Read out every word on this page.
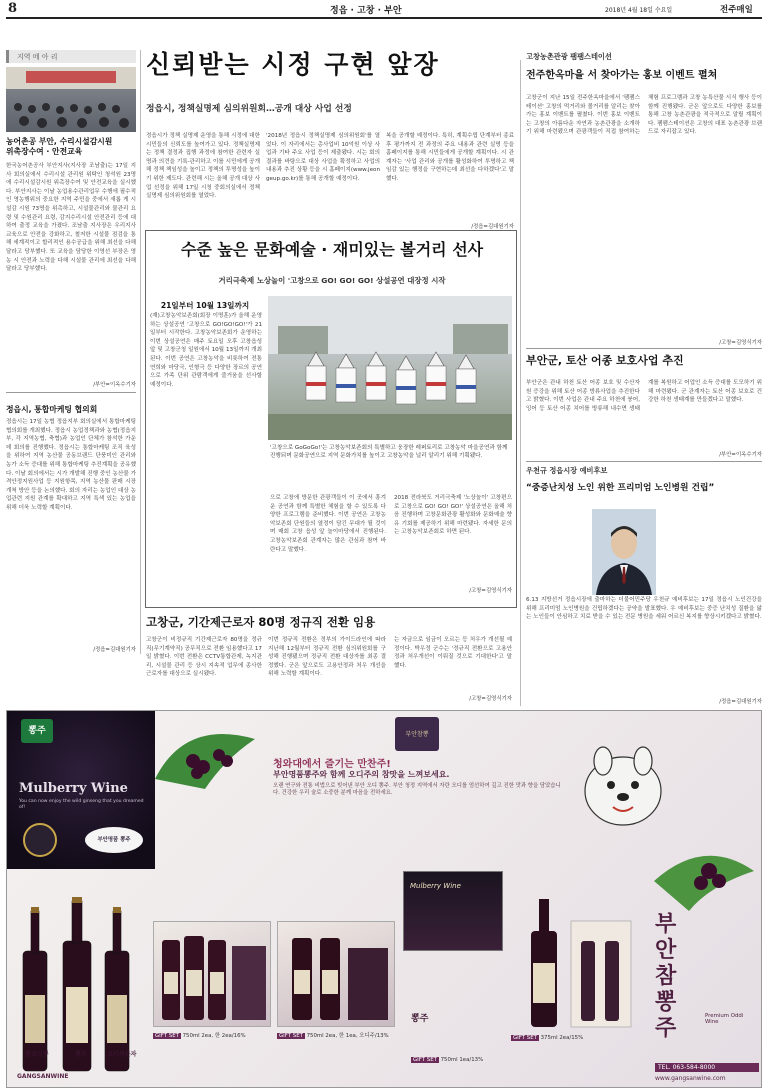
8	정읍 · 고창 · 부안	2018년 4월 18일 수요일	전주매일
지역 메 아 리
농어촌공 부안, 수리시설감시원
위촉장수여 · 안전교육
한국농어촌공사 부안지사(지사장 조남출)는 17일 지사 회의실에서 수리시설 관리원 위탁인 청석원 23명에 수리시설감시원 위촉장수여 및 안전교육을 실시했다. 부안지사는 이날 농업용수관리업무 수행에 필수적인 영농행위의 중요한 지역 주민을 중에서 새롭 게 시설감 시원 73명을 위촉하고, 시설물관리와 물관리 요령 및 수원관리 요령, 감지수리시설 안전관리 등에 대하여 출정 교육을 가졌다. 조남출 지사장은 우리지사 교육으로 안전을 강화하고, 철저한 시설물 점검을 통해 세계적이고 합리적인 용수공급을 위해 최선을 다해달라고 당부했다. 또 교육을 담당한 이영선 부장은 영농 시 안전과 노력을 다해 시설물 관리에 최선을 다해 달라고 당부했다.
/부안=이옥수기자
정읍시, 통합마케팅 협의회
정읍시는 17일 농협 정읍지부 회의실에서 통합마케팅 협의회를 개최했다. 정읍시 농업정책과와 농협(정읍지부, 각 지역농협, 축협)과 농업인 단체가 참석한 가운데 회의를 진행했다. 정읍시는 통합마케팅 조직 육성을 위하여 지역 농산물 공동브랜드 단풍미인 관리와 농가 소득 증대를 위해 통합마케팅 추진계획을 공유했다. 이날 회의에서는 시가 개발해 진행 중인 농산물 가격안정지원사업 등 지원항목, 지역 농산물 판매 시장 개척 방안 등을 논의했다. 회의 자리는 농업인 대상 농업관련 지원 관계를 확대하고 지역 특색 있는 농업을 위해 더욱 노력할 계획이다.
/정읍=김대원기자
신뢰받는 시정 구현 앞장
정읍시, 정책실명제 심의위원회…공개 대상 사업 선정
정읍시가 정책 실명제 운영을 통해 시정에 대한 시민들의 신뢰도를 높여가고 있다. 정책실명제는 정책 결정과 집행 과정에 참여한 관련자 실명과 의견을 기록·관리하고 이를 시민에게 공개해 정책 책임성을 높이고 정책의 투명성을 높이기 위한 제도다. 관련해 시는 올해 공개 대상 사업 선정을 위해 17일 시청 중회의실에서 정책실명제 심의위원회를 열었다.
'2018년 정읍시 정책실명제 심의위원회'를 열었다. 이 자리에서는 총사업비 10억원 이상 사업과 기타 주요 사업 등이 제출됐다. 시는 회의 결과를 바탕으로 대상 사업을 확정하고 사업의 내용과 추진 상황 등을 시 홈페이지(www.jeongeup.go.kr)를 통해 공개할 예정이다.
복을 공개할 예정이다. 특히, 계획수립 단계부터 종료 후 평가까지 전 과정의 주요 내용과 관련 실명 등을 홈페이지를 통해 시민들에게 공개할 계획이다. 시 관계자는 '사업 관리와 공개를 활성화하여 투명하고 책임감 있는 행정을 구현하는데 최선을 다하겠다'고 말했다.
/정읍=김대원기자
수준 높은 문화예술 · 재미있는 볼거리 선사
거리극축제 노상놀이 '고창으로 GO! GO! GO! 상설공연 대장정 시작
21일부터 10월 13일까지
(재)고창농악보존회(회장 이명훈)가 올해 운영하는 상설공연 '고창으로 GO!GO!GO!'가 21일부터 시작한다. 고창농악보존회가 운영하는 이번 상설공연은 매주 토요일 오후 고창읍성 앞 및 고창군청 일원에서 10월 13일까지 개최된다. 이번 공연은 고창농악을 비롯하여 전통 연희와 마당극, 인형극 등 다양한 장르의 공연으로 가족 단위 관람객에게 즐거움을 선사할 예정이다.
'고창으로 GoGoGo!'는 고창농악보존회의 특별하고 웅장한 레퍼토리로 고창농악 마을공연과 함께 진행되며 문화공연으로 지역 문화가치를 높이고 고창농악을 널리 알리기 위해 기획됐다.
으로 고창에 방문한 관광객들이 이 곳에서 흥겨운 공연과 함께 특별한 체험을 할 수 있도록 다양한 프로그램을 준비했다. 이번 공연은 고창농악보존회 단원들의 열정이 담긴 무대가 될 것이며 매회 고창 읍성 앞 놀이마당에서 진행된다. 고창농악보존회 관계자는 많은 관심과 참여 바란다고 말했다.
2018 전라북도 거리극축제 '노상놀이' 고창편으로 고창으로 GO! GO! GO!' 상설공연은 올해 처음 진행하며 고창문화관광 활성화와 문화예술 향유 기회를 제공하기 위해 마련됐다. 자세한 문의는 고창농악보존회로 하면 된다.
/고창=김영식기자
고창군, 기간제근로자 80명 정규직 전환 임용
고창군이 비정규직 기간제근로자 80명을 정규직(무기계약직) 공무직으로 전환 임용했다고 17일 밝혔다. 이번 전환은 CCTV통합관제, 녹지관리, 시설물 관리 등 상시 지속적 업무에 종사한 근로자를 대상으로 실시됐다.
이번 정규직 전환은 정부의 가이드라인에 따라 지난해 12월부터 정규직 전환 심의위원회를 구성해 진행됐으며 정규직 전환 대상자를 최종 결정했다. 군은 앞으로도 고용안정과 처우 개선을 위해 노력할 계획이다.
는 자금으로 임금이 오르는 등 처우가 개선될 예정이다. 박우정 군수는 '정규직 전환으로 고용안정과 처우개선이 이뤄질 것으로 기대한다'고 말했다.
/고창=김영식기자
고창농촌관광 팸팸스테이션
전주한옥마을 서 찾아가는 홍보 이벤트 펼쳐
고창군이 지난 15일 전주한옥마을에서 '팸팸스테이션' 고창의 먹거리와 볼거리를 알리는 찾아가는 홍보 이벤트를 펼쳤다. 이번 홍보 이벤트는 고창의 아름다운 자연과 농촌관광을 소개하기 위해 마련됐으며 관광객들이 직접 참여하는 체험 프로그램과 고창 농특산물 시식 행사 등이 함께 진행됐다. 군은 앞으로도 다양한 홍보를 통해 고창 농촌관광을 적극적으로 알릴 계획이다. 팸팸스테이션은 고창의 대표 농촌관광 브랜드로 자리잡고 있다.
/고창=김영식기자
부안군, 토산 어종 보호사업 추진
부안군은 관내 하천 토산 어종 보호 및 수산자원 증강을 위해 토산 어종 방류사업을 추진한다고 밝혔다. 이번 사업은 관내 주요 하천에 붕어, 잉어 등 토산 어종 치어를 방류해 내수면 생태계를 복원하고 어업인 소득 증대를 도모하기 위해 마련됐다. 군 관계자는 토산 어종 보호로 건강한 하천 생태계를 만들겠다고 말했다.
/부안=이옥수기자
우천규 정읍시장 예비후보
“중증난치성 노인 위한 프리미엄 노인병원 건립”
6.13 지방선거 정읍시장에 출마하는 더불어민주당 우천규 예비후보는 17일 정읍시 노인건강을 위해 프리미엄 노인병원을 건립하겠다는 공약을 발표했다. 우 예비후보는 중증 난치성 질환을 앓는 노인들이 안심하고 치료 받을 수 있는 전문 병원을 세워 어르신 복지를 향상시키겠다고 밝혔다.
/정읍=김대원기자
뽕주
Mulberry Wine
You can now enjoy the wild ginseng that you dreamed of!
부안명품 뽕주
부안참뽕
청와대에서 즐기는 만찬주!
부안명품뽕주와 함께 오디주의 참맛을 느껴보세요.
오랜 연구와 전통 비법으로 빚어낸 부안 오디 뽕주. 부안 청정 지역에서 자란 오디를 엄선하여 깊고 진한 맛과 향을 담았습니다. 건강한 우리 술로 소중한 분께 마음을 전하세요.
Mulberry Wine
부안참뽕주	Premium Oddi Wine
GIFT SET 750ml 2ea, 한 2ea/16%	GIFT SET 750ml 2ea, 한 1ea, 오디주/13%
GIFT SET 750ml 1ea/13%
GIFT SET 375ml 2ea/15%
한오디뽕	뽕주	오디복분자
뽕주
GANGSANWINE
TEL. 063-584-8000
www.gangsanwine.com
